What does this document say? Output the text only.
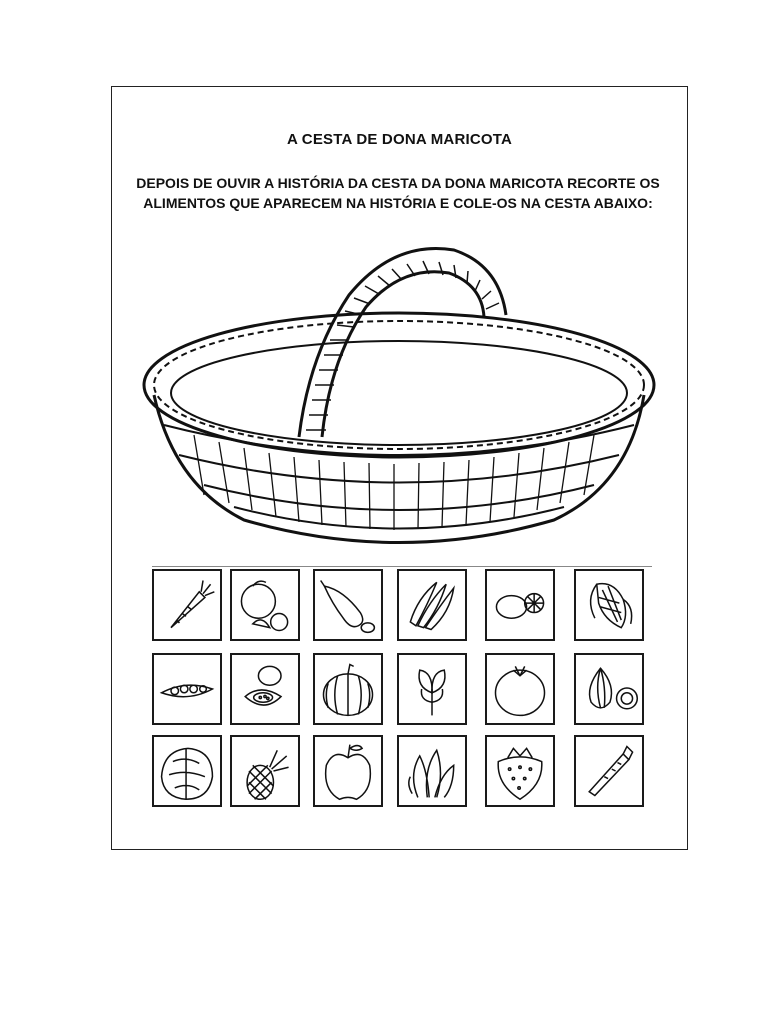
A CESTA DE DONA MARICOTA
DEPOIS DE OUVIR A HISTÓRIA DA CESTA DA DONA MARICOTA RECORTE OS
ALIMENTOS QUE APARECEM NA HISTÓRIA E COLE-OS NA CESTA ABAIXO:
